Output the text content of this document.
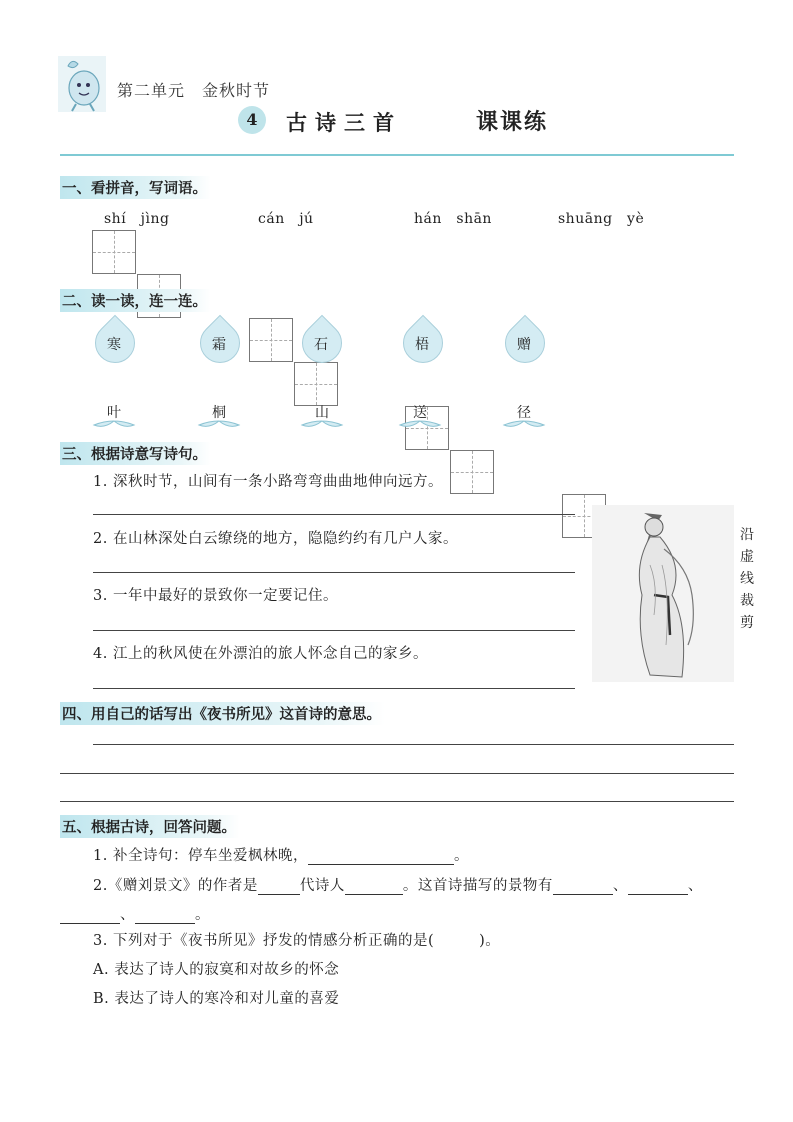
第二单元　金秋时节
4	古诗三首	课课练
一、看拼音，写词语。
shí　jìng	cán　jú	hán　shān	shuāng　yè
二、读一读，连一连。
寒	霜	石	梧	赠
叶	桐	山	送	径
三、根据诗意写诗句。
1. 深秋时节，山间有一条小路弯弯曲曲地伸向远方。
2. 在山林深处白云缭绕的地方，隐隐约约有几户人家。
3. 一年中最好的景致你一定要记住。
4. 江上的秋风使在外漂泊的旅人怀念自己的家乡。
沿虚线裁剪
四、用自己的话写出《夜书所见》这首诗的意思。
五、根据古诗，回答问题。
1. 补全诗句：停车坐爱枫林晚，	。
2.《赠刘景文》的作者是	代诗人	。这首诗描写的景物有	、	、
、	。
3. 下列对于《夜书所见》抒发的情感分析正确的是(　　　)。
A. 表达了诗人的寂寞和对故乡的怀念
B. 表达了诗人的寒冷和对儿童的喜爱
